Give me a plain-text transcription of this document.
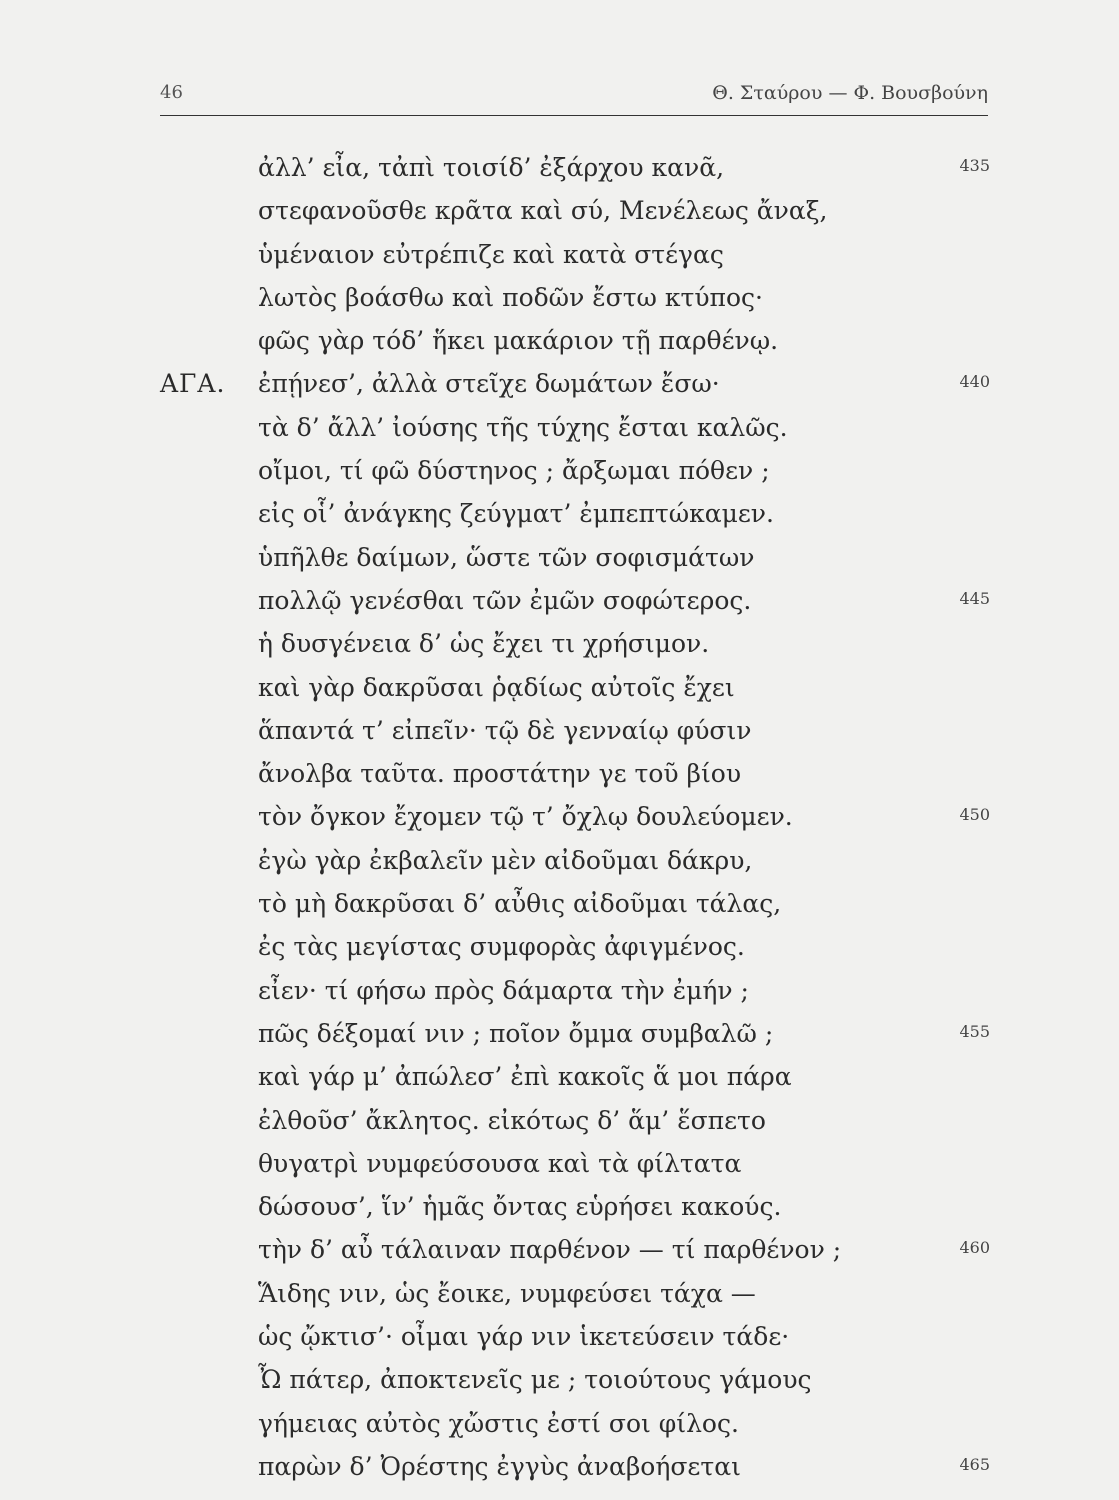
46	Θ. Σταύρου — Φ. Βουσβούνη
ἀλλ’ εἶα, τἀπὶ τοισίδ’ ἐξάρχου κανᾶ,	435
στεφανοῦσθε κρᾶτα καὶ σύ, Μενέλεως ἄναξ,
ὑμέναιον εὐτρέπιζε καὶ κατὰ στέγας
λωτὸς βοάσθω καὶ ποδῶν ἔστω κτύπος·
φῶς γὰρ τόδ’ ἥκει μακάριον τῇ παρθένῳ.
ΑΓΑ. ἐπῄνεσ’, ἀλλὰ στεῖχε δωμάτων ἔσω·	440
τὰ δ’ ἄλλ’ ἰούσης τῆς τύχης ἔσται καλῶς.
οἴμοι, τί φῶ δύστηνος ; ἄρξωμαι πόθεν ;
εἰς οἷ’ ἀνάγκης ζεύγματ’ ἐμπεπτώκαμεν.
ὑπῆλθε δαίμων, ὥστε τῶν σοφισμάτων
πολλῷ γενέσθαι τῶν ἐμῶν σοφώτερος.	445
ἡ δυσγένεια δ’ ὡς ἔχει τι χρήσιμον.
καὶ γὰρ δακρῦσαι ῥᾳδίως αὐτοῖς ἔχει
ἅπαντά τ’ εἰπεῖν· τῷ δὲ γενναίῳ φύσιν
ἄνολβα ταῦτα. προστάτην γε τοῦ βίου
τὸν ὄγκον ἔχομεν τῷ τ’ ὄχλῳ δουλεύομεν.	450
ἐγὼ γὰρ ἐκβαλεῖν μὲν αἰδοῦμαι δάκρυ,
τὸ μὴ δακρῦσαι δ’ αὖθις αἰδοῦμαι τάλας,
ἐς τὰς μεγίστας συμφορὰς ἀφιγμένος.
εἶεν· τί φήσω πρὸς δάμαρτα τὴν ἐμήν ;
πῶς δέξομαί νιν ; ποῖον ὄμμα συμβαλῶ ;	455
καὶ γάρ μ’ ἀπώλεσ’ ἐπὶ κακοῖς ἅ μοι πάρα
ἐλθοῦσ’ ἄκλητος. εἰκότως δ’ ἅμ’ ἕσπετο
θυγατρὶ νυμφεύσουσα καὶ τὰ φίλτατα
δώσουσ’, ἵν’ ἡμᾶς ὄντας εὑρήσει κακούς.
τὴν δ’ αὖ τάλαιναν παρθένον — τί παρθένον ;	460
Ἅιδης νιν, ὡς ἔοικε, νυμφεύσει τάχα —
ὡς ᾤκτισ’· οἶμαι γάρ νιν ἱκετεύσειν τάδε·
Ὦ πάτερ, ἀποκτενεῖς με ; τοιούτους γάμους
γήμειας αὐτὸς χὤστις ἐστί σοι φίλος.
παρὼν δ’ Ὀρέστης ἐγγὺς ἀναβοήσεται	465
